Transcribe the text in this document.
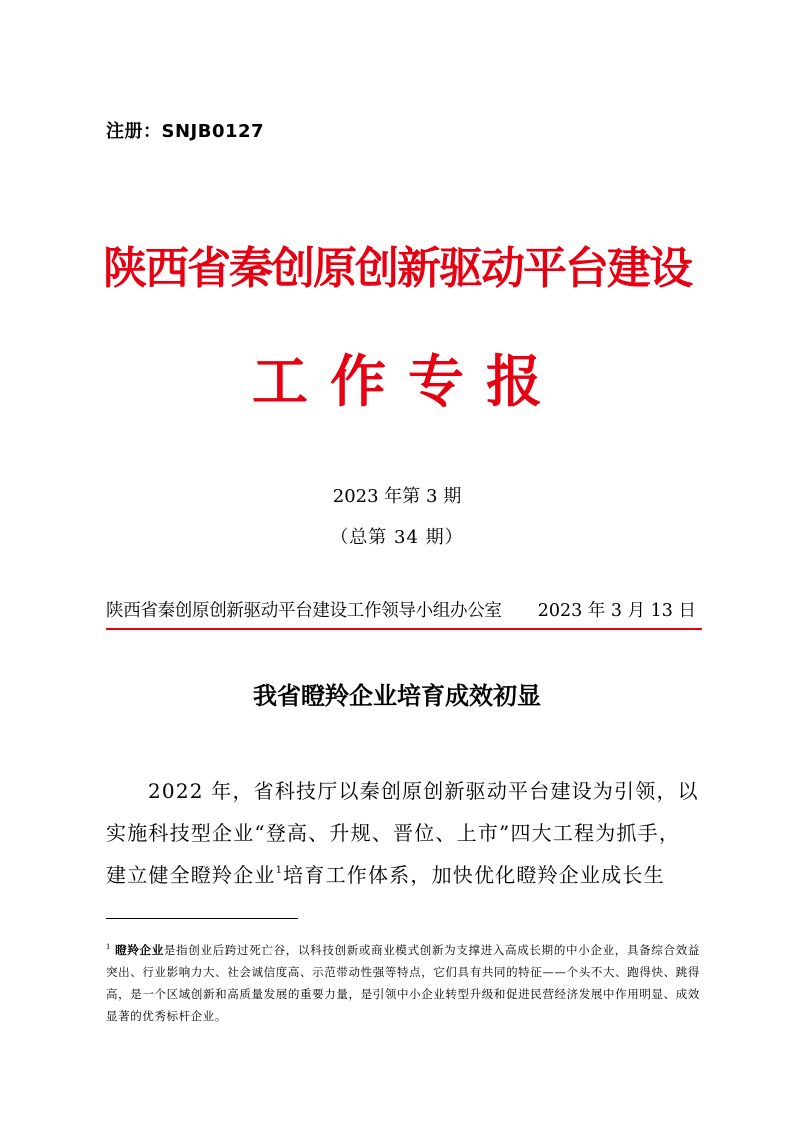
注册：SNJB0127
陕西省秦创原创新驱动平台建设
工作专报
2023 年第 3 期
（总第 34 期）
陕西省秦创原创新驱动平台建设工作领导小组办公室 2023 年 3 月 13 日
我省瞪羚企业培育成效初显
2022 年，省科技厅以秦创原创新驱动平台建设为引领，以
实施科技型企业“登高、升规、晋位、上市”四大工程为抓手，
建立健全瞪羚企业$^1$培育工作体系，加快优化瞪羚企业成长生
$^1$ 瞪羚企业是指创业后跨过死亡谷，以科技创新或商业模式创新为支撑进入高成长期的中小企业，具备综合效益突出、行业影响力大、社会诚信度高、示范带动性强等特点，它们具有共同的特征——个头不大、跑得快、跳得高，是一个区域创新和高质量发展的重要力量，是引领中小企业转型升级和促进民营经济发展中作用明显、成效显著的优秀标杆企业。
